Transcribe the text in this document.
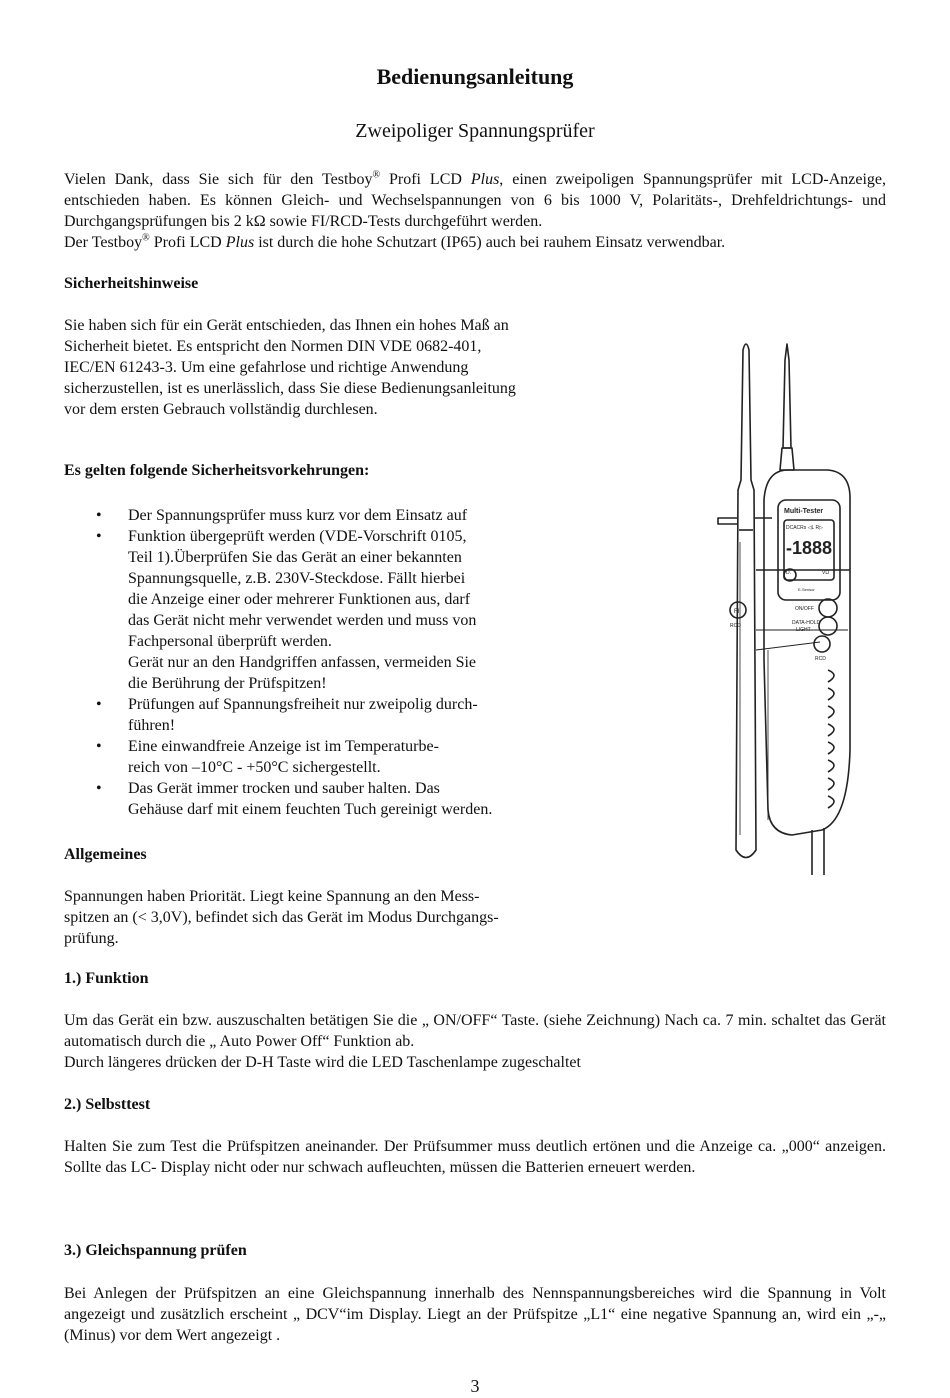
Bedienungsanleitung
Zweipoliger Spannungsprüfer
Vielen Dank, dass Sie sich für den Testboy® Profi LCD Plus, einen zweipoligen Spannungsprüfer mit LCD-Anzeige, entschieden haben. Es können Gleich- und Wechselspannungen von 6 bis 1000 V, Polaritäts-, Drehfeldrichtungs- und Durchgangsprüfungen bis 2 kΩ sowie FI/RCD-Tests durchgeführt werden.
Der Testboy® Profi LCD Plus ist durch die hohe Schutzart (IP65) auch bei rauhem Einsatz verwendbar.
Sicherheitshinweise
Sie haben sich für ein Gerät entschieden, das Ihnen ein hohes Maß an Sicherheit bietet. Es entspricht den Normen DIN VDE 0682-401, IEC/EN 61243-3. Um eine gefahrlose und richtige Anwendung sicherzustellen, ist es unerlässlich, dass Sie diese Bedienungsanleitung vor dem ersten Gebrauch vollständig durchlesen.
Es gelten folgende Sicherheitsvorkehrungen:
• Der Spannungsprüfer muss kurz vor dem Einsatz auf
• Funktion übergeprüft werden (VDE-Vorschrift 0105,
Teil 1).Überprüfen Sie das Gerät an einer bekannten
Spannungsquelle, z.B. 230V-Steckdose. Fällt hierbei
die Anzeige einer oder mehrerer Funktionen aus, darf
das Gerät nicht mehr verwendet werden und muss von
Fachpersonal überprüft werden.
Gerät nur an den Handgriffen anfassen, vermeiden Sie
die Berührung der Prüfspitzen!
• Prüfungen auf Spannungsfreiheit nur zweipolig durch-
führen!
• Eine einwandfreie Anzeige ist im Temperaturbe-
reich von –10°C - +50°C sichergestellt.
• Das Gerät immer trocken und sauber halten. Das
Gehäuse darf mit einem feuchten Tuch gereinigt werden.
Allgemeines
Spannungen haben Priorität. Liegt keine Spannung an den Mess-
spitzen an (< 3,0V), befindet sich das Gerät im Modus Durchgangs-
prüfung.
1.) Funktion
Um das Gerät ein bzw. auszuschalten betätigen Sie die „ ON/OFF“ Taste. (siehe Zeichnung) Nach ca. 7 min. schaltet das Gerät automatisch durch die „ Auto Power Off“ Funktion ab.
Durch längeres drücken der D-H Taste wird die LED Taschenlampe zugeschaltet
2.) Selbsttest
Halten Sie zum Test die Prüfspitzen aneinander. Der Prüfsummer muss deutlich ertönen und die Anzeige ca. „000“ anzeigen. Sollte das LC- Display nicht oder nur schwach aufleuchten, müssen die Batterien erneuert werden.
3.) Gleichspannung prüfen
Bei Anlegen der Prüfspitzen an eine Gleichspannung innerhalb des Nennspannungsbereiches wird die Spannung in Volt angezeigt und zusätzlich erscheint „ DCV“im Display. Liegt an der Prüfspitze „L1“ eine negative Spannung an, wird ein „-„ (Minus) vor dem Wert angezeigt .
3
Multi-Tester
DCACRs ◁L R▷
-1888
D.	VΩ
E-Sensor
FI
RCD
ON/OFF
DATA-HOLD
LIGHT
RCD
